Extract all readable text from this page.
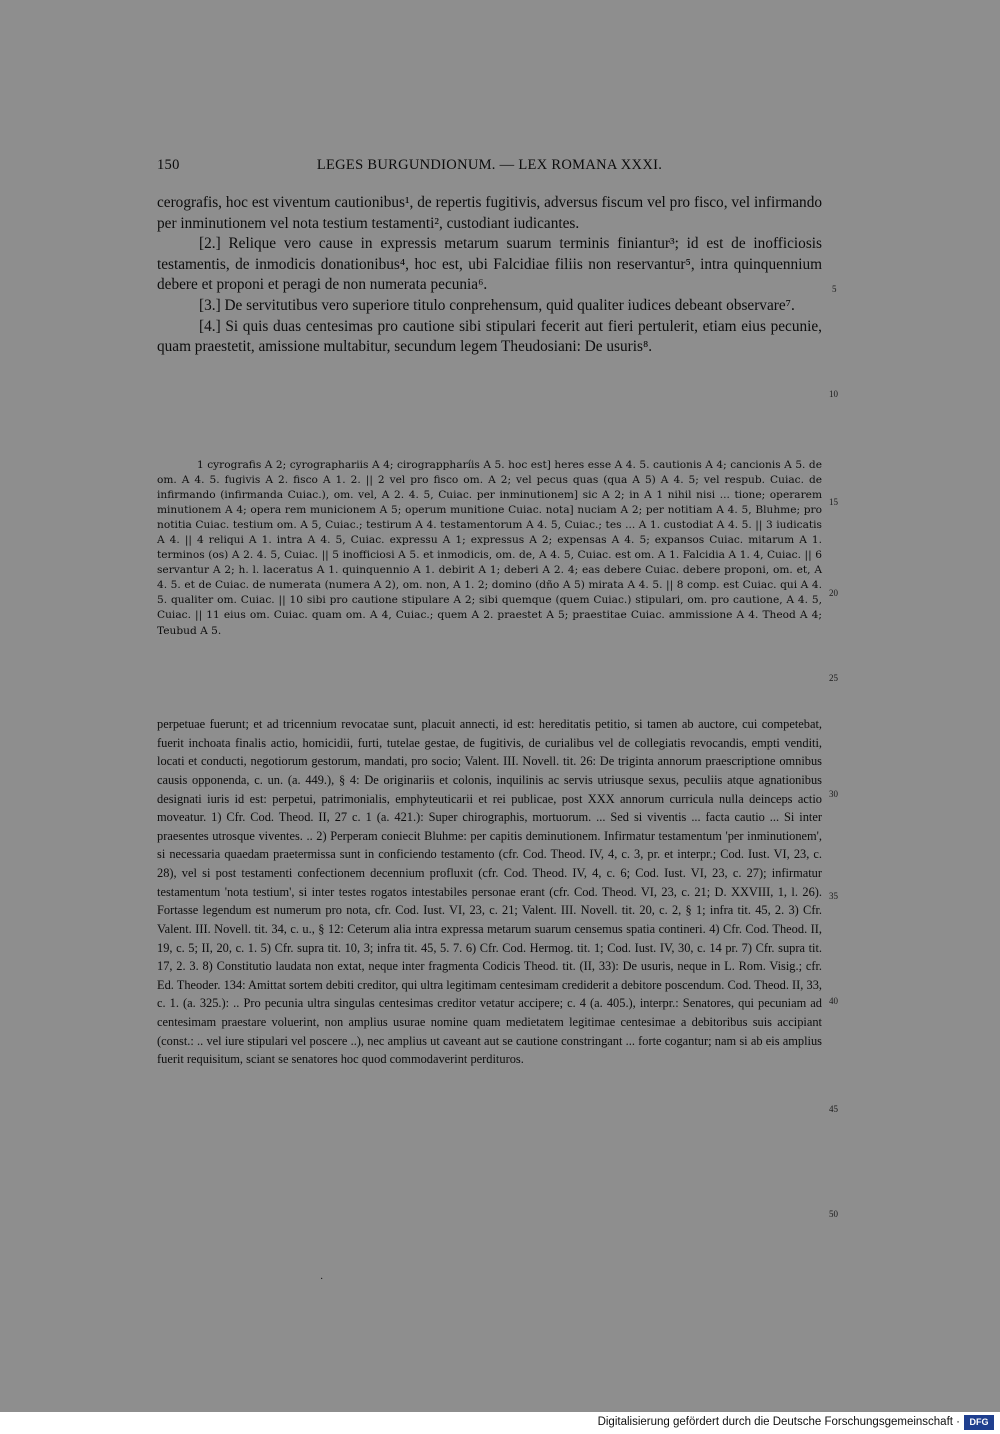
150	LEGES BURGUNDIONUM. — LEX ROMANA XXXI.

cerografis, hoc est viventum cautionibus¹, de repertis fugitivis, adversus fiscum vel pro fisco, vel infirmando per inminutionem vel nota testium testamenti², custodiant iudicantes.

[2.] Relique vero cause in expressis metarum suarum terminis finiantur³; id est de inofficiosis testamentis, de inmodicis donationibus⁴, hoc est, ubi Falcidiae filiis non reservantur⁵, intra quinquennium debere et proponi et peragi de non numerata pecunia⁶.

[3.] De servitutibus vero superiore titulo conprehensum, quid qualiter iudices debeant observare⁷.

[4.] Si quis duas centesimas pro cautione sibi stipulari fecerit aut fieri pertulerit, etiam eius pecunie, quam praestetit, amissione multabitur, secundum legem Theudosiani: De usuris⁸.

1 cyrografis A 2; cyrographariis A 4; cirograppharíis A 5. hoc est] heres esse A 4. 5. cautionis A 4; cancionis A 5. de om. A 4. 5. fugivis A 2. fisco A 1. 2. || 2 vel pro fisco om. A 2; vel pecus quas (qua A 5) A 4. 5; vel respub. Cuiac. de infirmando (infirmanda Cuiac.), om. vel, A 2. 4. 5, Cuiac. per inminutionem] sic A 2; in A 1 nihil nisi ... tione; operarem minutionem A 4; opera rem municionem A 5; operum munitione Cuiac. nota] nuciam A 2; per notitiam A 4. 5, Bluhme; pro notitia Cuiac. testium om. A 5, Cuiac.; testirum A 4. testamentorum A 4. 5, Cuiac.; tes ... A 1. custodiat A 4. 5. || 3 iudicatis A 4. || 4 reliqui A 1. intra A 4. 5, Cuiac. expressu A 1; expressus A 2; expensas A 4. 5; expansos Cuiac. mitarum A 1. terminos (os) A 2. 4. 5, Cuiac. || 5 inofficiosi A 5. et inmodicis, om. de, A 4. 5, Cuiac. est om. A 1. Falcidia A 1. 4, Cuiac. || 6 servantur A 2; h. l. laceratus A 1. quinquennio A 1. debirit A 1; deberi A 2. 4; eas debere Cuiac. debere proponi, om. et, A 4. 5. et de Cuiac. de numerata (numera A 2), om. non, A 1. 2; domino (dño A 5) mirata A 4. 5. || 8 comp. est Cuiac. qui A 4. 5. qualiter om. Cuiac. || 10 sibi pro cautione stipulare A 2; sibi quemque (quem Cuiac.) stipulari, om. pro cautione, A 4. 5, Cuiac. || 11 eius om. Cuiac. quam om. A 4, Cuiac.; quem A 2. praestet A 5; praestitae Cuiac. ammissione A 4. Theod A 4; Teubud A 5.

perpetuae fuerunt; et ad tricennium revocatae sunt, placuit annecti, id est: hereditatis petitio, si tamen ab auctore, cui competebat, fuerit inchoata finalis actio, homicidii, furti, tutelae gestae, de fugitivis, de curialibus vel de collegiatis revocandis, empti venditi, locati et conducti, negotiorum gestorum, mandati, pro socio; Valent. III. Novell. tit. 26: De triginta annorum praescriptione omnibus causis opponenda, c. un. (a. 449.), § 4: De originariis et colonis, inquilinis ac servis utriusque sexus, peculiis atque agnationibus designati iuris id est: perpetui, patrimonialis, emphyteuticarii et rei publicae, post XXX annorum curricula nulla deinceps actio moveatur. 1) Cfr. Cod. Theod. II, 27 c. 1 (a. 421.): Super chirographis, mortuorum. ... Sed si viventis ... facta cautio ... Si inter praesentes utrosque viventes. .. 2) Perperam coniecit Bluhme: per capitis deminutionem. Infirmatur testamentum 'per inminutionem', si necessaria quaedam praetermissa sunt in conficiendo testamento (cfr. Cod. Theod. IV, 4, c. 3, pr. et interpr.; Cod. Iust. VI, 23, c. 28), vel si post testamenti confectionem decennium profluxit (cfr. Cod. Theod. IV, 4, c. 6; Cod. Iust. VI, 23, c. 27); infirmatur testamentum 'nota testium', si inter testes rogatos intestabiles personae erant (cfr. Cod. Theod. VI, 23, c. 21; D. XXVIII, 1, l. 26). Fortasse legendum est numerum pro nota, cfr. Cod. Iust. VI, 23, c. 21; Valent. III. Novell. tit. 20, c. 2, § 1; infra tit. 45, 2. 3) Cfr. Valent. III. Novell. tit. 34, c. u., § 12: Ceterum alia intra expressa metarum suarum censemus spatia contineri. 4) Cfr. Cod. Theod. II, 19, c. 5; II, 20, c. 1. 5) Cfr. supra tit. 10, 3; infra tit. 45, 5. 7. 6) Cfr. Cod. Hermog. tit. 1; Cod. Iust. IV, 30, c. 14 pr. 7) Cfr. supra tit. 17, 2. 3. 8) Constitutio laudata non extat, neque inter fragmenta Codicis Theod. tit. (II, 33): De usuris, neque in L. Rom. Visig.; cfr. Ed. Theoder. 134: Amittat sortem debiti creditor, qui ultra legitimam centesimam crediderit a debitore poscendum. Cod. Theod. II, 33, c. 1. (a. 325.): .. Pro pecunia ultra singulas centesimas creditor vetatur accipere; c. 4 (a. 405.), interpr.: Senatores, qui pecuniam ad centesimam praestare voluerint, non amplius usurae nomine quam medietatem legitimae centesimae a debitoribus suis accipiant (const.: .. vel iure stipulari vel poscere ..), nec amplius ut caveant aut se cautione constringant ... forte cogantur; nam si ab eis amplius fuerit requisitum, sciant se senatores hoc quod commodaverint perdituros.

5
10
15
20
25
30
35
40
45
50
·
Digitalisierung gefördert durch die Deutsche Forschungsgemeinschaft ·	DFG
